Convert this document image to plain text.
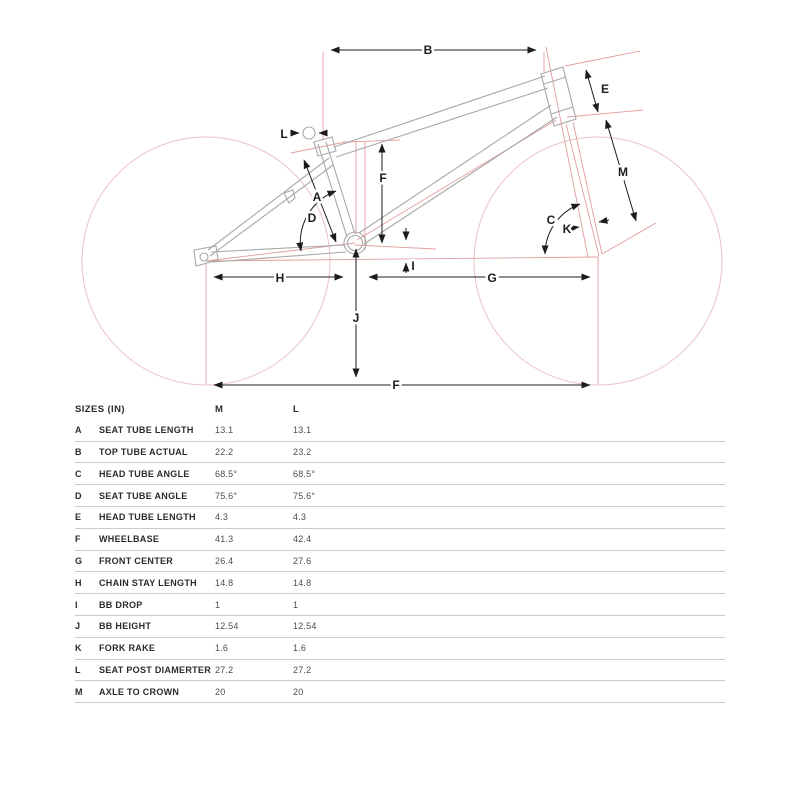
B
L
A
D
F
E
M
C
K
H	G
I
J
F
SIZES (IN)	M	L
A	SEAT TUBE LENGTH	13.1	13.1
B	TOP TUBE ACTUAL	22.2	23.2
C	HEAD TUBE ANGLE	68.5°	68.5°
D	SEAT TUBE ANGLE	75.6°	75.6°
E	HEAD TUBE LENGTH	4.3	4.3
F	WHEELBASE	41.3	42.4
G	FRONT CENTER	26.4	27.6
H	CHAIN STAY LENGTH	14.8	14.8
I	BB DROP	1	1
J	BB HEIGHT	12.54	12.54
K	FORK RAKE	1.6	1.6
L	SEAT POST DIAMERTER 27.2	27.2
M	AXLE TO CROWN	20	20
